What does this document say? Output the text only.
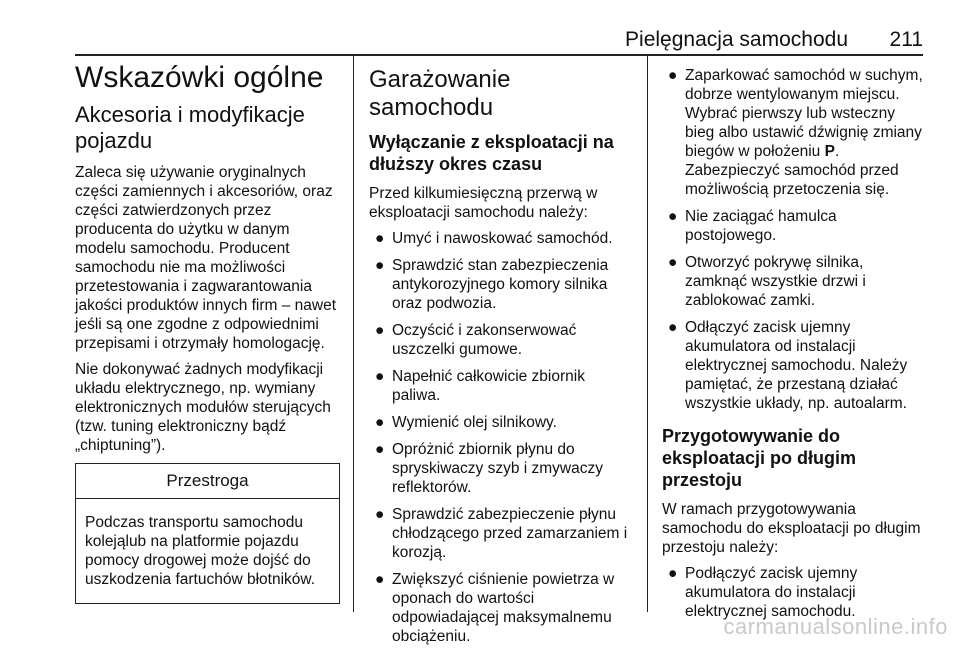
Pielęgnacja samochodu 211
Wskazówki ogólne
Akcesoria i modyfikacje pojazdu

Zaleca się używanie oryginalnych części zamiennych i akcesoriów, oraz części zatwierdzonych przez producenta do użytku w danym modelu samochodu. Producent samochodu nie ma możliwości przetestowania i zagwarantowania jakości produktów innych firm – nawet jeśli są one zgodne z odpowiednimi przepisami i otrzymały homologację.

Nie dokonywać żadnych modyfikacji układu elektrycznego, np. wymiany elektronicznych modułów sterujących (tzw. tuning elektroniczny bądź „chiptuning”).

Przestroga
Podczas transportu samochodu kolejąlub na platformie pojazdu pomocy drogowej może dojść do uszkodzenia fartuchów błotników.
Garażowanie samochodu
Wyłączanie z eksploatacji na dłuższy okres czasu

Przed kilkumiesięczną przerwą w eksploatacji samochodu należy:

● Umyć i nawoskować samochód.
● Sprawdzić stan zabezpieczenia antykorozyjnego komory silnika oraz podwozia.
● Oczyścić i zakonserwować uszczelki gumowe.
● Napełnić całkowicie zbiornik paliwa.
● Wymienić olej silnikowy.
● Opróżnić zbiornik płynu do spryskiwaczy szyb i zmywaczy reflektorów.
● Sprawdzić zabezpieczenie płynu chłodzącego przed zamarzaniem i korozją.
● Zwiększyć ciśnienie powietrza w oponach do wartości odpowiadającej maksymalnemu obciążeniu.
● Zaparkować samochód w suchym, dobrze wentylowanym miejscu. Wybrać pierwszy lub wsteczny bieg albo ustawić dźwignię zmiany biegów w położeniu P. Zabezpieczyć samochód przed możliwością przetoczenia się.
● Nie zaciągać hamulca postojowego.
● Otworzyć pokrywę silnika, zamknąć wszystkie drzwi i zablokować zamki.
● Odłączyć zacisk ujemny akumulatora od instalacji elektrycznej samochodu. Należy pamiętać, że przestaną działać wszystkie układy, np. autoalarm.
Przygotowywanie do eksploatacji po długim przestoju

W ramach przygotowywania samochodu do eksploatacji po długim przestoju należy:

● Podłączyć zacisk ujemny akumulatora do instalacji elektrycznej samochodu.
carmanualsonline.info
